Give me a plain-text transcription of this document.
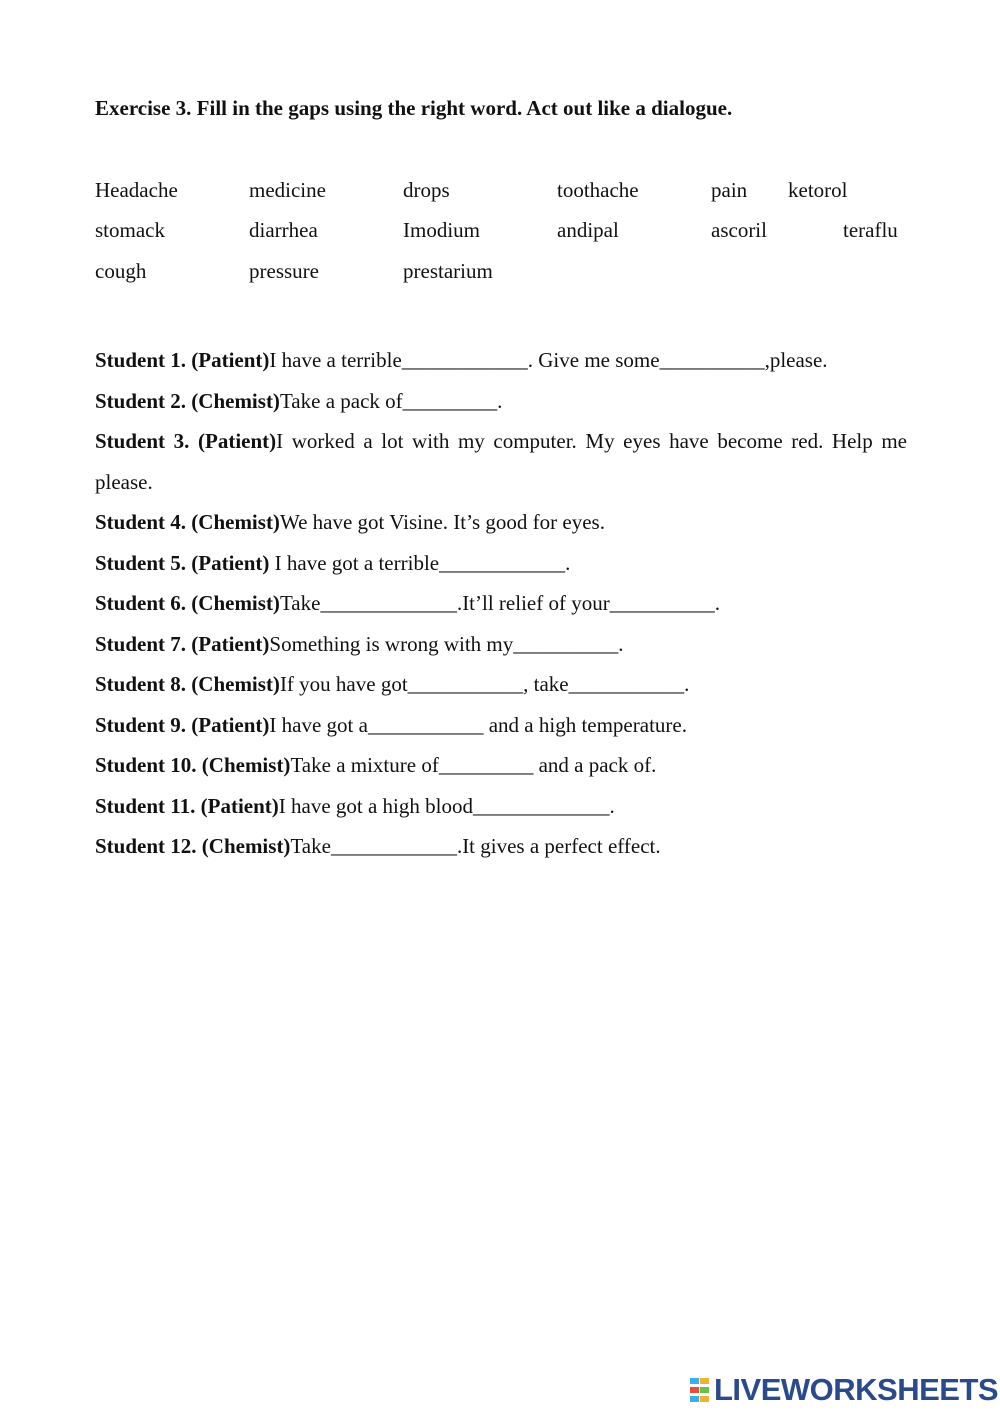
Exercise 3. Fill in the gaps using the right word. Act out like a dialogue.
Headache	medicine	drops	toothache	pain ketorol
stomack	diarrhea	Imodium	andipal	ascoril	teraflu
cough	pressure	prestarium
Student 1. (Patient)I have a terrible____________. Give me some__________,please.
Student 2. (Chemist)Take a pack of_________.
Student 3. (Patient)I worked a lot with my computer. My eyes have become red. Help me please.
Student 4. (Chemist)We have got Visine. It’s good for eyes.
Student 5. (Patient) I have got a terrible____________.
Student 6. (Chemist)Take_____________.It’ll relief of your__________.
Student 7. (Patient)Something is wrong with my__________.
Student 8. (Chemist)If you have got___________, take___________.
Student 9. (Patient)I have got a___________ and a high temperature.
Student 10. (Chemist)Take a mixture of_________ and a pack of.
Student 11. (Patient)I have got a high blood_____________.
Student 12. (Chemist)Take____________.It gives a perfect effect.
LIVEWORKSHEETS
